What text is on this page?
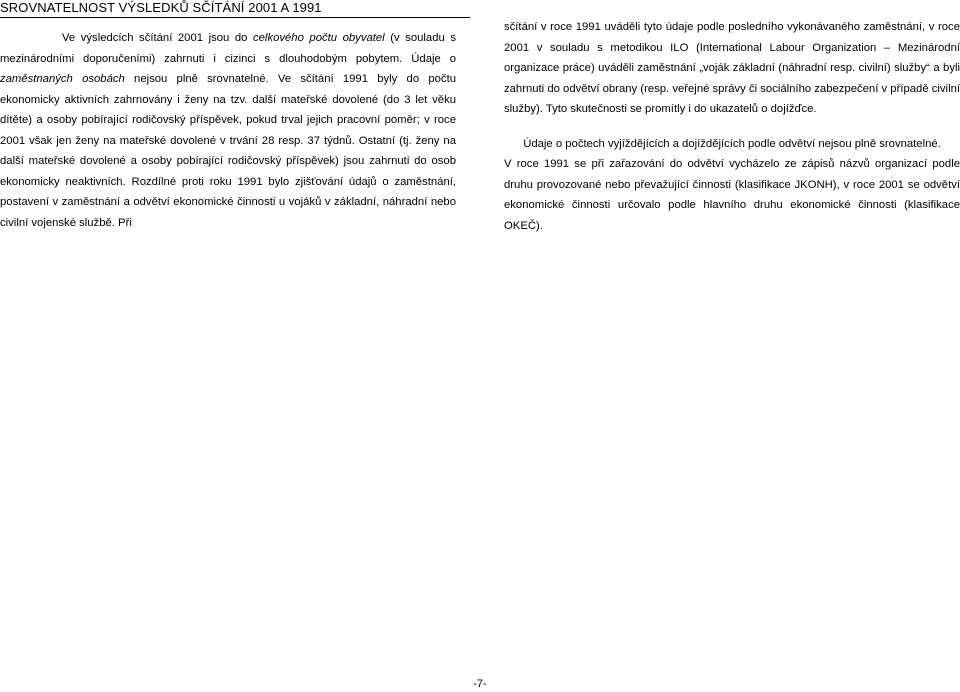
SROVNATELNOST VÝSLEDKŮ SČÍTÁNÍ 2001 A 1991

Ve výsledcích sčítání 2001 jsou do celkového počtu obyvatel (v souladu s mezinárodními doporučeními) zahrnuti i cizinci s dlouhodobým pobytem. Údaje o zaměstnaných osobách nejsou plně srovnatelné. Ve sčítání 1991 byly do počtu ekonomicky aktivních zahrnovány i ženy na tzv. další mateřské dovolené (do 3 let věku dítěte) a osoby pobírající rodičovský příspěvek, pokud trval jejich pracovní poměr; v roce 2001 však jen ženy na mateřské dovolené v trvání 28 resp. 37 týdnů. Ostatní (tj. ženy na další mateřské dovolené a osoby pobírající rodičovský příspěvek) jsou zahrnuti do osob ekonomicky neaktivních. Rozdílné proti roku 1991 bylo zjišťování údajů o zaměstnání, postavení v zaměstnání a odvětví ekonomické činnosti u vojáků v základní, náhradní nebo civilní vojenské službě. Při

sčítání v roce 1991 uváděli tyto údaje podle posledního vykonávaného zaměstnání, v roce 2001 v souladu s metodikou ILO (International Labour Organization – Mezinárodní organizace práce) uváděli zaměstnání „voják základní (náhradní resp. civilní) služby“ a byli zahrnuti do odvětví obrany (resp. veřejné správy či sociálního zabezpečení v případě civilní služby). Tyto skutečnosti se promítly i do ukazatelů o dojížďce.

Údaje o počtech vyjíždějících a dojíždějících podle odvětví nejsou plně srovnatelné.

V roce 1991 se při zařazování do odvětví vycházelo ze zápisů názvů organizací podle druhu provozované nebo převažující činnosti (klasifikace JKONH), v roce 2001 se odvětví ekonomické činnosti určovalo podle hlavního druhu ekonomické činnosti (klasifikace OKEČ).

-7-
